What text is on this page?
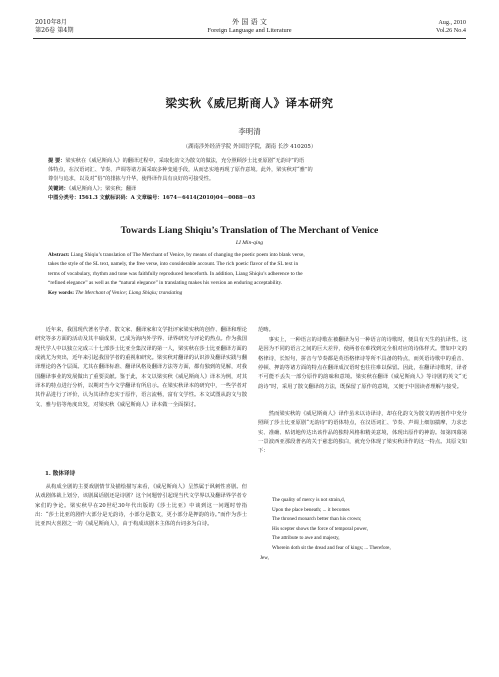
2010年8月
第26卷 第4期
外 国 语 文
Foreign Language and Literature
Aug., 2010
Vol.26 No.4
梁实秋《威尼斯商人》译本研究
李明清
（湖南涉外经济学院 外国语学院，湖南 长沙 410205）
提 要：梁实秋在《威尼斯商人》的翻译过程中，采取化韵文为散文的做法，充分照顾莎士比亚原剧“无韵诗”的语
体特点，在汉语词汇、节奏、声调等诸方面采取多种变通手段，从而忠实地再现了原作意境。此外，梁实秋对“雅”的
尊崇与追求，以及对“俗”的排拣与升华，使得译作具有良好的可接受性。
关键词：《威尼斯商人》；梁实秋；翻译
中图分类号：I561.3 文献标识码：A 文章编号：1674－6414(2010)04－0088－03
Towards Liang Shiqiu’s Translation of The Merchant of Venice
LI Min-qing
Abstract: Liang Shiqiu’s translation of The Merchant of Venice, by means of changing the poetic poem into blank verse,
takes the style of the SL text, namely, the free verse, into considerable account. The rich poetic flavor of the SL text in
terms of vocabulary, rhythm and tone was faithfully reproduced henceforth. In addition, Liang Shiqiu’s adherence to the
“refined elegance” as well as the “natural elegance” in translating makes his version an enduring acceptability.
Key words: The Merchant of Venice; Liang Shiqiu; translating

近年来，我国现代著名学者、散文家、翻译家和文学批评家梁实秋的创作、翻译和理论研究等多方面的活动及其丰硕成果，已成为海内外学界、译界研究与评论的热点。作为我国现代学人中以独立完成三十七部莎士比亚全集汉译的第一人，梁实秋在莎士比亚翻译方面的成就尤为突出，近年来引起我国学者的重视和研究。梁实秋对翻译的认识涉及翻译实践与翻译理论的各个层面。尤其在翻译标准、翻译风格及翻译方法等方面，都有独到的见解，对我国翻译事业的发展做出了重要贡献。鉴于此，本文以梁实秋《威尼斯商人》译本为例，对其译本的特点进行分析，以期对当今文学翻译有所启示。在梁实秋译本的研究中，一些学者对其作品进行了评价，认为其译作忠实于原作，语言流畅，富有文学性。本文试图从韵文与散文、雅与俗等角度出发，对梁实秋《威尼斯商人》译本做一全面探讨。

1. 散体译诗

从构成全剧的主要戏剧情节及描绘描写来看，《威尼斯商人》呈然属于讽刺性喜剧。但从戏剧体裁上划分，该剧属话剧还是诗剧？这个问题曾引起现当代文学界以及翻译界学者专家们的争论。梁实秋早在20世纪30年代出版的《莎士比亚》中谈到这一问题时曾指出：“莎士比亚的剧作大部分是无韵诗，小部分是散文，更小部分是押韵的诗。”而作为莎士比亚四大喜剧之一的《威尼斯商人》，由于构成该剧本主体的台词多为白诗。

范畴。

事实上，一种语言的诗歌在被翻译为另一种语言的诗歌时，便具有天生的抗译性。这是因为不同的语言之间的巨大差异，使两者在难找到完全相对应的诗体样式。譬如中文的格律诗，长短句，拼音与节奏都是英语格律诗等所不具备的特点，而英语诗歌中的重音、停顿、押韵等诸方面的特点在翻译成汉语时也往往难以保留。因此，在翻译诗歌时，译者不可能不丢失一部分原作的韵味和意境。梁实秋在翻译《威尼斯商人》等诗剧的英文“无韵诗”时，采用了散文翻译的方法，既保留了原作的意境，又便于中国读者理解与接受。

然而梁实秋的《威尼斯商人》译作虽未以诗译诗，却在化韵文为散文的再创作中充分照顾了莎士比亚原剧“无韵诗”的语体特点，在汉语词汇、节奏、声调上细加揣摩，力求忠实、准确、贴切地传达出该作品的独特风格和精美意境，体现出原作的神韵。如第四幕第一景波西亚那段著名的关于慈悲的独白，就充分体现了梁实秋译作的这一特点。其原文如下：

The quality of mercy is not strain,d,
Upon the place beneath; ... it becomes
The throned monarch better than his crown;
His scepter shows the force of temporal power,
The attribute to awe and majesty,
Wherein doth sit the dread and fear of kings; ... Therefore,
Jew,
